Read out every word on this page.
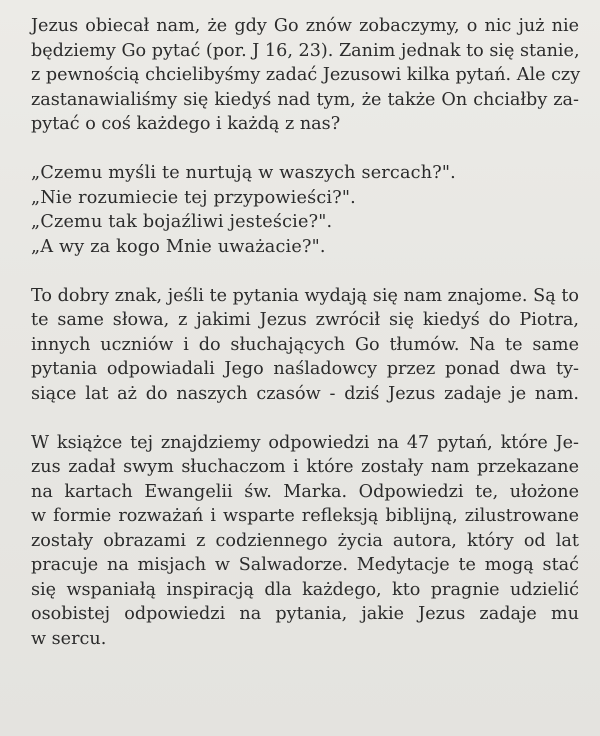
Jezus obiecał nam, że gdy Go znów zobaczymy, o nic już nie
będziemy Go pytać (por. J 16, 23). Zanim jednak to się stanie,
z pewnością chcielibyśmy zadać Jezusowi kilka pytań. Ale czy
zastanawialiśmy się kiedyś nad tym, że także On chciałby za-
pytać o coś każdego i każdą z nas?
„Czemu myśli te nurtują w waszych sercach?".
„Nie rozumiecie tej przypowieści?".
„Czemu tak bojaźliwi jesteście?".
„A wy za kogo Mnie uważacie?".
To dobry znak, jeśli te pytania wydają się nam znajome. Są to
te same słowa, z jakimi Jezus zwrócił się kiedyś do Piotra,
innych uczniów i do słuchających Go tłumów. Na te same
pytania odpowiadali Jego naśladowcy przez ponad dwa ty-
siące lat aż do naszych czasów - dziś Jezus zadaje je nam.
W książce tej znajdziemy odpowiedzi na 47 pytań, które Je-
zus zadał swym słuchaczom i które zostały nam przekazane
na kartach Ewangelii św. Marka. Odpowiedzi te, ułożone
w formie rozważań i wsparte refleksją biblijną, zilustrowane
zostały obrazami z codziennego życia autora, który od lat
pracuje na misjach w Salwadorze. Medytacje te mogą stać
się wspaniałą inspiracją dla każdego, kto pragnie udzielić
osobistej odpowiedzi na pytania, jakie Jezus zadaje mu
w sercu.
